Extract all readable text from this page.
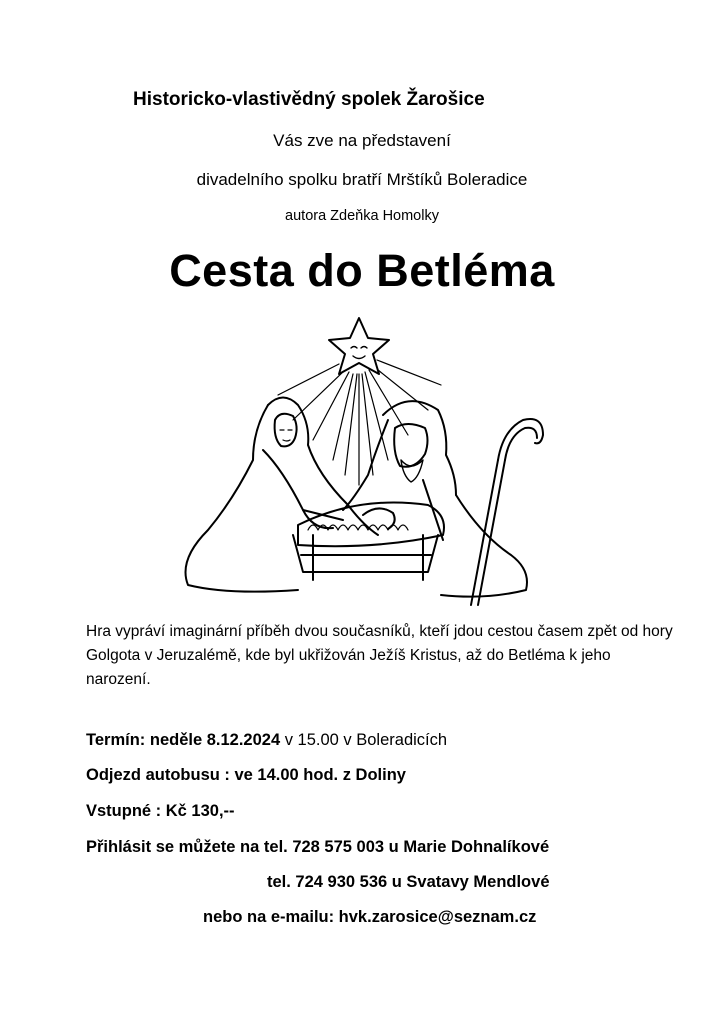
Historicko-vlastivědný spolek Žarošice
Vás zve na představení
divadelního spolku bratří Mrštíků Boleradice
autora Zdeňka Homolky
Cesta do Betléma
Hra vypráví imaginární příběh dvou současníků, kteří jdou cestou časem zpět od hory Golgota v Jeruzalémě, kde byl ukřižován Ježíš Kristus, až do Betléma k jeho narození.
Termín: neděle 8.12.2024 v 15.00 v Boleradicích
Odjezd autobusu : ve 14.00 hod. z Doliny
Vstupné : Kč 130,--
Přihlásit se můžete na tel. 728 575 003 u Marie Dohnalíkové
tel. 724 930 536 u Svatavy Mendlové
nebo na e-mailu: hvk.zarosice@seznam.cz
